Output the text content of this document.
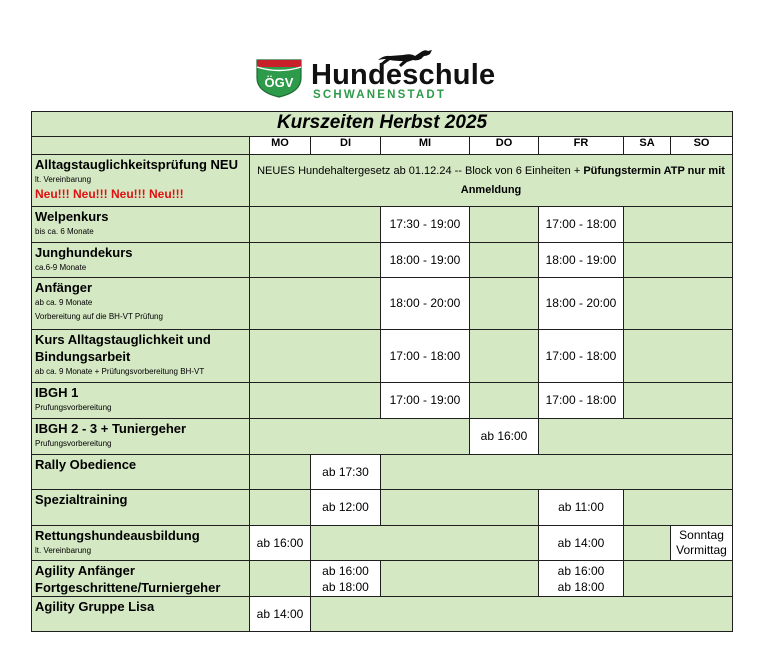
ÖGV Hundeschule
SCHWANENSTADT
Kurszeiten Herbst 2025							
	MO	DI	MI	DO	FR	SA	SO
Alltagstauglichkeitsprüfung NEU
lt. Vereinbarung
Neu!!! Neu!!! Neu!!! Neu!!!	NEUES Hundehaltergesetz ab 01.12.24 -- Block von 6 Einheiten + Püfungstermin ATP nur mit Anmeldung						
Welpenkurs
bis ca. 6 Monate			17:30 - 19:00		17:00 - 18:00		
Junghundekurs
ca.6-9 Monate			18:00 - 19:00		18:00 - 19:00		
Anfänger
ab ca. 9 Monate
Vorbereitung auf die BH-VT Prüfung			18:00 - 20:00		18:00 - 20:00		

Kurs Alltagstauglichkeit und
Bindungsarbeit
ab ca. 9 Monate + Prüfungsvorbereitung BH-VT			17:00 - 18:00		17:00 - 18:00		
IBGH 1
Prufungsvorbereitung			17:00 - 19:00		17:00 - 18:00		
IBGH 2 - 3 + Tuniergeher
Prufungsvorbereitung				ab 16:00			
Rally Obedience		ab 17:30					
Spezialtraining		ab 12:00			ab 11:00		
Rettungshundeausbildung
lt. Vereinbarung	ab 16:00				ab 14:00		Sonntag
Vormittag

Agility Anfänger
Fortgeschrittene/Turniergeher		ab 16:00
ab 18:00			ab 16:00
ab 18:00		

Agility Gruppe Lisa	ab 14:00						
